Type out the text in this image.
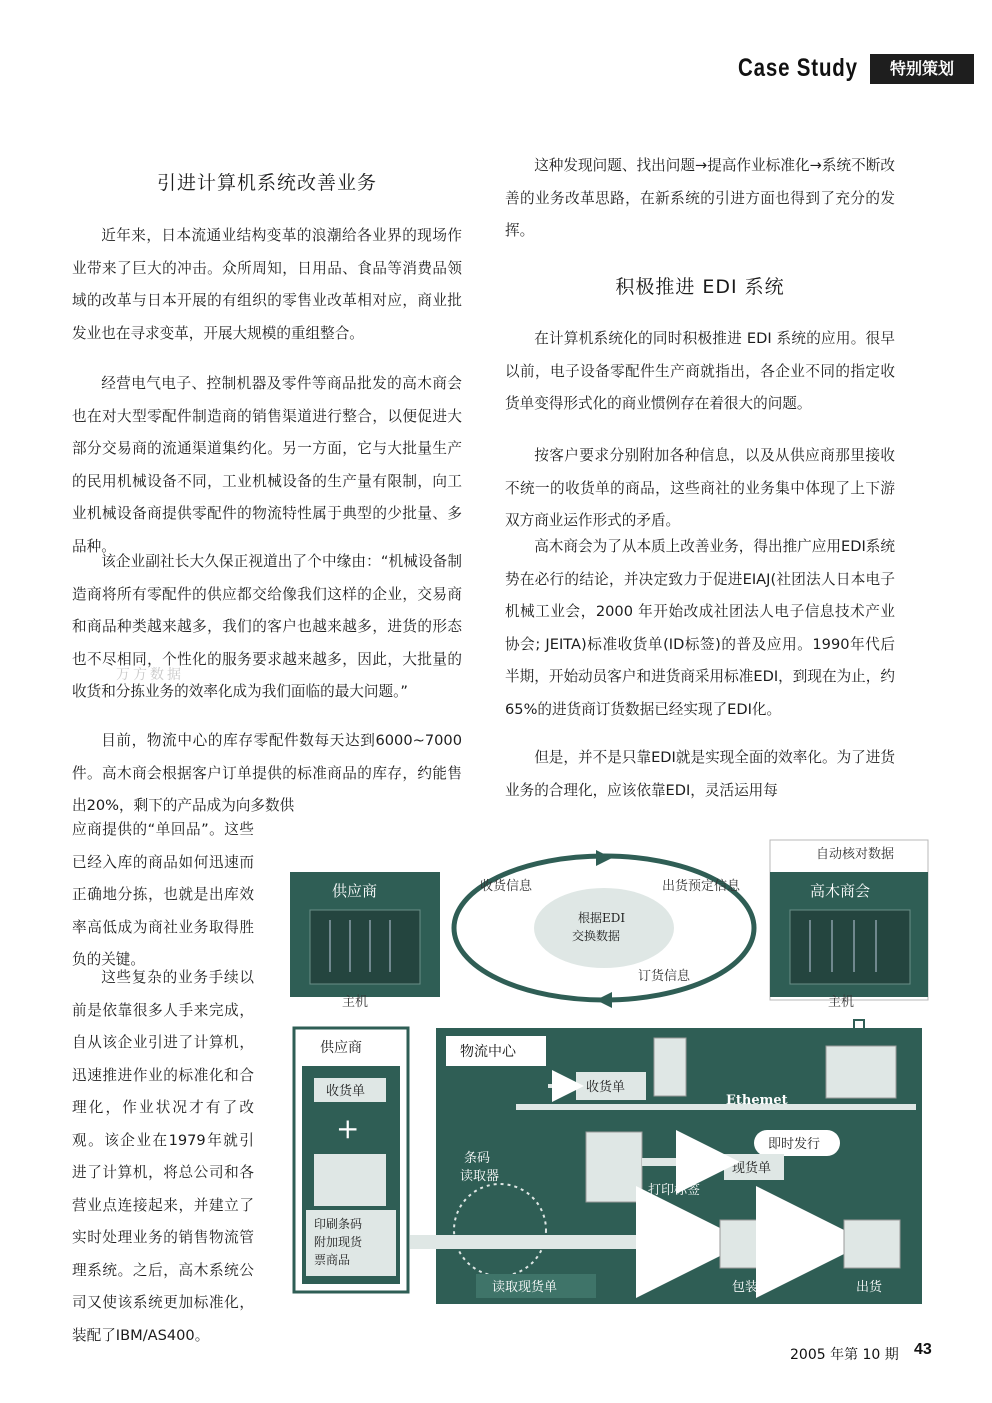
Case Study	特别策划
引进计算机系统改善业务

近年来，日本流通业结构变革的浪潮给各业界的现场作业带来了巨大的冲击。众所周知，日用品、食品等消费品领域的改革与日本开展的有组织的零售业改革相对应，商业批发业也在寻求变革，开展大规模的重组整合。

经营电气电子、控制机器及零件等商品批发的高木商会也在对大型零配件制造商的销售渠道进行整合，以便促进大部分交易商的流通渠道集约化。另一方面，它与大批量生产的民用机械设备不同，工业机械设备的生产量有限制，向工业机械设备商提供零配件的物流特性属于典型的少批量、多品种。

该企业副社长大久保正视道出了个中缘由：“机械设备制造商将所有零配件的供应都交给像我们这样的企业，交易商和商品种类越来越多，我们的客户也越来越多，进货的形态也不尽相同，个性化的服务要求越来越多，因此，大批量的收货和分拣业务的效率化成为我们面临的最大问题。”

目前，物流中心的库存零配件数每天达到6000~7000件。高木商会根据客户订单提供的标准商品的库存，约能售出20%，剩下的产品成为向多数供

应商提供的“单回品”。这些已经入库的商品如何迅速而正确地分拣，也就是出库效率高低成为商社业务取得胜负的关键。

这些复杂的业务手续以前是依靠很多人手来完成，自从该企业引进了计算机，迅速推进作业的标准化和合理化，作业状况才有了改观。该企业在1979年就引进了计算机，将总公司和各营业点连接起来，并建立了实时处理业务的销售物流管理系统。之后，高木系统公司又使该系统更加标准化，装配了IBM/AS400。

万方数据

这种发现问题、找出问题→提高作业标准化→系统不断改善的业务改革思路，在新系统的引进方面也得到了充分的发挥。

积极推进 EDI 系统

在计算机系统化的同时积极推进 EDI 系统的应用。很早以前，电子设备零配件生产商就指出，各企业不同的指定收货单变得形式化的商业惯例存在着很大的问题。

按客户要求分别附加各种信息，以及从供应商那里接收不统一的收货单的商品，这些商社的业务集中体现了上下游双方商业运作形式的矛盾。

高木商会为了从本质上改善业务，得出推广应用EDI系统势在必行的结论，并决定致力于促进EIAJ(社团法人日本电子机械工业会，2000 年开始改成社团法人电子信息技术产业协会; JEITA)标准收货单(ID标签)的普及应用。1990年代后半期，开始动员客户和进货商采用标准EDI，到现在为止，约65%的进货商订货数据已经实现了EDI化。

但是，并不是只靠EDI就是实现全面的效率化。为了进货业务的合理化，应该依靠EDI，灵活运用每

自动核对数据
供应商	高木商会
主机	主机
根据EDI
交换数据
收货信息	出货预定信息
订货信息
供应商
收货单
+
印刷条码
附加现货
票商品
物流中心
Ethemet
收货单
即时发行
现货单
条码
读取器
打印标签
读取现货单	包装	出货
2005 年第 10 期 43
